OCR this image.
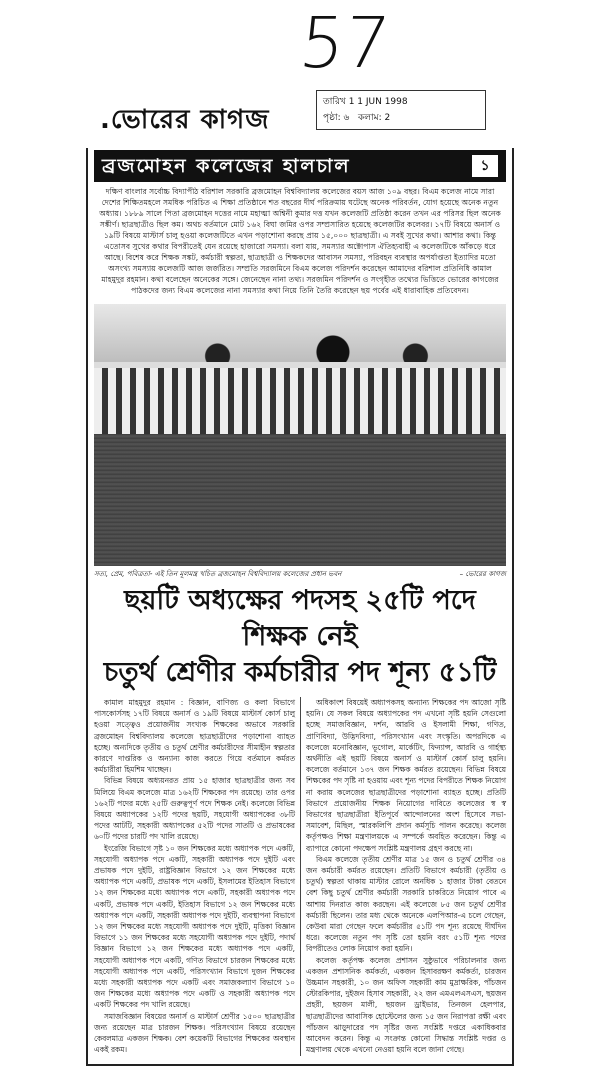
57
.ভোরের কাগজ
তারিখ 1 1 JUN 1998
পৃষ্ঠা: ৬ কলাম: 2
ব্রজমোহন কলেজের হালচাল	১
দক্ষিণ বাংলার সর্বোচ্চ বিদ্যাপীঠ বরিশাল সরকারি ব্রজমোহন বিশ্ববিদ্যালয় কলেজের বয়স আজ ১০৯ বছর। বিএম কলেজ নামে সারা দেশের শিক্ষিতমহলে সমধিক পরিচিত এ শিক্ষা প্রতিষ্ঠানে শত বছরের দীর্ঘ পরিক্রমায় ঘটেছে অনেক পরিবর্তন, যোগ হয়েছে অনেক নতুন অধ্যায়। ১৮৮৯ সালে পিতা ব্রজমোহন দত্তের নামে মহাত্মা অশ্বিনী কুমার দত্ত যখন কলেজটি প্রতিষ্ঠা করেন তখন এর পরিসর ছিল অনেক সঙ্কীর্ণ। ছাত্রছাত্রীও ছিল কম। অথচ বর্তমানে মোট ১৬২ বিঘা জমির ওপর সম্প্রসারিত হয়েছে কলেজটির কলেবর। ১৭টি বিষয়ে অনার্স ও ১৯টি বিষয়ে মাস্টার্স চালু হওয়া কলেজটিতে এখন পড়াশোনা করছে প্রায় ১৫,০০০ ছাত্রছাত্রী। এ সবই সুখের কথা। আশার কথা। কিন্তু এতোসব সুখের কথার বিপরীতেই যেন রয়েছে হাজারো সমস্যা। বলা যায়, সমস্যার অক্টোপাস ঐতিহ্যবাহী এ কলেজটিকে আঁকড়ে ধরে আছে। বিশেষ করে শিক্ষক সঙ্কট, কর্মচারী স্বল্পতা, ছাত্রছাত্রী ও শিক্ষকদের আবাসন সমস্যা, পরিবহন ব্যবস্থার অপর্যাপ্ততা ইত্যাদির মতো অসংখ্য সমস্যায় কলেজটি আজ জর্জরিত। সম্প্রতি সরজমিনে বিএম কলেজ পরিদর্শন করেছেন আমাদের বরিশাল প্রতিনিধি কামাল মাহমুদুর রহমান। কথা বলেছেন অনেকের সঙ্গে। জেনেছেন নানা তথ্য। সরজমিন পরিদর্শন ও সংগৃহীত তথ্যের ভিত্তিতে ভোরের কাগজের পাঠকদের জন্য বিএম কলেজের নানা সমস্যার কথা নিয়ে তিনি তৈরি করেছেন ছয় পর্বের এই ধারাবাহিক প্রতিবেদন।
সত্য, প্রেম, পবিত্রতা- এই তিন মূলমন্ত্র খচিত ব্রজমোহন বিশ্ববিদ্যালয় কলেজের প্রধান ভবন	– ভোরের কাগজ
ছয়টি অধ্যক্ষের পদসহ ২৫টি পদে শিক্ষক নেই
চতুর্থ শ্রেণীর কর্মচারীর পদ শূন্য ৫১টি

কামাল মাহমুদুর রহমান : বিজ্ঞান, বাণিজ্য ও কলা বিভাগে পাসকোর্সসহ ১৭টি বিষয়ে অনার্স ও ১৯টি বিষয়ে মাস্টার্স কোর্স চালু হওয়া সত্ত্বেও প্রয়োজনীয় সংখ্যক শিক্ষকের অভাবে সরকারি ব্রজমোহন বিশ্ববিদ্যালয় কলেজে ছাত্রছাত্রীদের পড়াশোনা ব্যাহত হচ্ছে। অন্যদিকে তৃতীয় ও চতুর্থ শ্রেণীর কর্মচারীদের সীমাহীন স্বল্পতার কারণে দাপ্তরিক ও অন্যান্য কাজ করতে গিয়ে বর্তমানে কর্মরত কর্মচারীরা হিমশিম খাচ্ছেন।

বিভিন্ন বিষয়ে অধ্যয়নরত প্রায় ১৫ হাজার ছাত্রছাত্রীর জন্য সব মিলিয়ে বিএম কলেজে মাত্র ১৬২টি শিক্ষকের পদ রয়েছে। তার ওপর ১৬২টি পদের মধ্যে ২৫টি গুরুত্বপূর্ণ পদে শিক্ষক নেই। কলেজে বিভিন্ন বিষয়ে অধ্যাপকের ১২টি পদের ছয়টি, সহযোগী অধ্যাপকের ৩৮টি পদের আটটি, সহকারী অধ্যাপকের ৫২টি পদের সাতটি ও প্রভাষকের ৬০টি পদের চারটি পদ খালি রয়েছে।

ইংরেজি বিভাগে সৃষ্ট ১০ জন শিক্ষকের মধ্যে অধ্যাপক পদে একটি, সহযোগী অধ্যাপক পদে একটি, সহকারী অধ্যাপক পদে দুইটি এবং প্রভাষক পদে দুইটি, রাষ্ট্রবিজ্ঞান বিভাগে ১২ জন শিক্ষকের মধ্যে অধ্যাপক পদে একটি, প্রভাষক পদে একটি, ইসলামের ইতিহাস বিভাগে ১২ জন শিক্ষকের মধ্যে অধ্যাপক পদে একটি, সহকারী অধ্যাপক পদে একটি, প্রভাষক পদে একটি, ইতিহাস বিভাগে ১২ জন শিক্ষকের মধ্যে অধ্যাপক পদে একটি, সহকারী অধ্যাপক পদে দুইটি, ব্যবস্থাপনা বিভাগে ১২ জন শিক্ষকের মধ্যে সহযোগী অধ্যাপক পদে দুইটি, মৃত্তিকা বিজ্ঞান বিভাগে ১১ জন শিক্ষকের মধ্যে সহযোগী অধ্যাপক পদে দুইটি, পদার্থ বিজ্ঞান বিভাগে ১২ জন শিক্ষকের মধ্যে অধ্যাপক পদে একটি, সহযোগী অধ্যাপক পদে একটি, গণিত বিভাগে চারজন শিক্ষকের মধ্যে সহযোগী অধ্যাপক পদে একটি, পরিসংখ্যান বিভাগে দুজন শিক্ষকের মধ্যে সহকারী অধ্যাপক পদে একটি এবং সমাজকল্যাণ বিভাগে ১০ জন শিক্ষকের মধ্যে অধ্যাপক পদে একটি ও সহকারী অধ্যাপক পদে একটি শিক্ষকের পদ খালি রয়েছে।

সমাজবিজ্ঞান বিষয়ের অনার্স ও মাস্টার্স শ্রেণীর ১৫০০ ছাত্রছাত্রীর জন্য রয়েছেন মাত্র চারজন শিক্ষক। পরিসংখ্যান বিষয়ে রয়েছেন কেবলমাত্র একজন শিক্ষক। বেশ কয়েকটি বিভাগের শিক্ষকের অবস্থান একই রকম।

অধিকাংশ বিষয়েই অধ্যাপকসহ অন্যান্য শিক্ষকের পদ আজো সৃষ্টি হয়নি। যে সকল বিষয়ে অধ্যাপকের পদ এখনো সৃষ্টি হয়নি সেগুলো হচ্ছে সমাজবিজ্ঞান, দর্শন, আরবি ও ইসলামী শিক্ষা, গণিত, প্রাণিবিদ্যা, উদ্ভিদবিদ্যা, পরিসংখ্যান এবং সংস্কৃতি। অপরদিকে এ কলেজে মনোবিজ্ঞান, ভূগোল, মার্কেটিং, ফিন্যান্স, আরবি ও গার্হস্থ্য অর্থনীতি এই ছয়টি বিষয়ে অনার্স ও মাস্টার্স কোর্স চালু হয়নি। কলেজে বর্তমানে ১৩৭ জন শিক্ষক কর্মরত রয়েছেন। বিভিন্ন বিষয়ে শিক্ষকের পদ সৃষ্টি না হওয়ায় এবং শূন্য পদের বিপরীতে শিক্ষক নিয়োগ না করায় কলেজের ছাত্রছাত্রীদের পড়াশোনা ব্যাহত হচ্ছে। প্রতিটি বিভাগে প্রয়োজনীয় শিক্ষক নিয়োগের দাবিতে কলেজের স্ব স্ব বিভাগের ছাত্রছাত্রীরা ইতিপূর্বে আন্দোলনের অংশ হিসেবে সভা-সমাবেশ, মিছিল, স্মারকলিপি প্রদান কর্মসূচি পালন করেছে। কলেজ কর্তৃপক্ষও শিক্ষা মন্ত্রণালয়কে এ সম্পর্কে অবহিত করেছেন। কিন্তু এ ব্যাপারে কোনো পদক্ষেপ সংশ্লিষ্ট মন্ত্রণালয় গ্রহণ করছে না।

বিএম কলেজে তৃতীয় শ্রেণীর মাত্র ১৫ জন ও চতুর্থ শ্রেণীর ৩৪ জন কর্মচারী কর্মরত রয়েছেন। প্রতিটি বিভাগে কর্মচারী (তৃতীয় ও চতুর্থ) স্বল্পতা থাকায় মাস্টার রোলে অনধিক ১ হাজার টাকা বেতনে বেশ কিছু চতুর্থ শ্রেণীর কর্মচারী সরকারি চাকরিতে নিয়োগ পাবে এ আশায় দিনরাত কাজ করছেন। এই কলেজে ৮৫ জন চতুর্থ শ্রেণীর কর্মচারী ছিলেন। তার মধ্য থেকে অনেকে এলপিআর-এ চলে গেছেন, কেউবা মারা গেছেন ফলে কর্মচারীর ৫১টি পদ শূন্য রয়েছে দীর্ঘদিন ধরে। কলেজে নতুন পদ সৃষ্টি তো হয়নি বরং ৫১টি শূন্য পদের বিপরীতেও লোক নিয়োগ করা হয়নি।

কলেজ কর্তৃপক্ষ কলেজ প্রশাসন সুষ্ঠুভাবে পরিচালনার জন্য একজন প্রশাসনিক কর্মকর্তা, একজন হিসাবরক্ষণ কর্মকর্তা, চারজন উচ্চমান সহকারী, ১০ জন অফিস সহকারী কাম মুদ্রাক্ষরিক, পাঁচজন স্টোরকিপার, দুইজন হিসাব সহকারী, ২২ জন এমএলএসএস, ছয়জন প্রহরী, ছয়জন মালী, ছয়জন ড্রাইভার, তিনজন হেলপার, ছাত্রছাত্রীদের আবাসিক হোস্টেলের জন্য ১৫ জন নিরাপত্তা রক্ষী এবং পাঁচজন ঝাড়ুদারের পদ সৃষ্টির জন্য সংশ্লিষ্ট দপ্তরে একাধিকবার আবেদন করেন। কিন্তু এ সংক্রান্ত কোনো সিদ্ধান্ত সংশ্লিষ্ট দপ্তর ও মন্ত্রণালয় থেকে এখনো নেওয়া হয়নি বলে জানা গেছে।
